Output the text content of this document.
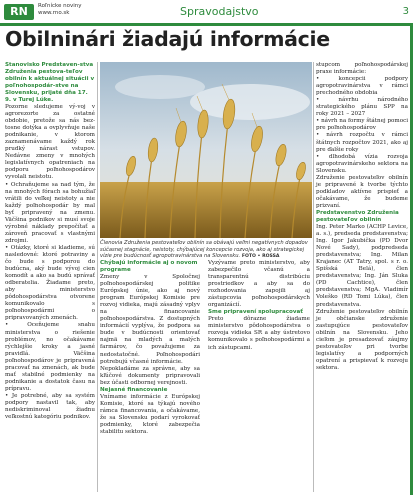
RN	Roľnícke noviny
www.rno.sk	Spravodajstvo	3
Obilninári žiadajú informácie

Stanovisko Predstaven-stva Združenia pestova-teľov obilnín k aktuálnej situácii v poľnohospodár-stve na Slovensku, prijaté dňa 17. 9. v Turej Lúke.

Pozorne sledujeme vý-voj v agrorezorte za ostatné obdobie, pretože sa nás bez-tosne dotýka a ovplyvňuje naše podnikanie, v ktorom zaznamenávame každý rok prudký nárast vstupov. Nedávne zmeny v mnohých legislatívnych opatreniach na podporu poľnohospodárov vyvolali neistotu.

• Ochraňujeme sa nad tým, že na mnohých fórach sa bohužiaľ vrátili do veľkej neistoty a nie každý poľnohospodár by mal byť pripravený na zmenu. Väčšina podnikov si musí svoje výrobné náklady prepočítať a zároveň pracovať s vlastnými zdrojmi.

• Otázky, ktoré si kladieme, sú nasledovné: ktoré potraviny a čo bude s podporou do budúcna, aký bude vývoj cien komodít a ako sa budú správať odberatelia. Žiadame preto, aby ministerstvo pôdohospodárstva otvorene komunikovalo s poľnohospodármi o pripravovaných zmenách.

• Oceňujeme snahu ministerstva o riešenie problémov, no očakávame rýchlejšie kroky a jasné pravidlá. Väčšina poľnohospodárov je pripravená pracovať na zmenách, ak bude mať stabilné podmienky na podnikanie a dostatok času na prípravu.

• Je potrebné, aby sa systém podpory nastavil tak, aby nediskriminoval žiadnu veľkostnú kategóriu podnikov.

Členovia Združenia pestovateľov obilnín sa obávajú veľmi negatívnych dopadov súčasnej stagnácie, neistoty, chýbajúcej koncepcie rozvoja, ako aj strategickej vízie pre budúcnosť agropotravinárstva na Slovensku. FOTO • ROSSA

Chýbajú informácie aj o novom programe

Zmeny v Spoločnej poľnohospodárskej politike Európskej únie, ako aj nový program Európskej Komisie pre rozvoj vidieka, majú zásadný vplyv na financovanie poľnohospodárstva. Z dostupných informácií vyplýva, že podpora sa bude v budúcnosti orientovať najmä na mladých a malých farmárov, čo považujeme za nedostatočné. Poľnohospodári potrebujú včasné informácie.

Nepokladáme za správne, aby sa kľúčové dokumenty pripravovali bez účasti odbornej verejnosti.

Nejasné financovanie

Vnímame informácie z Európskej Komisie, ktoré sa týkajú nového rámca financovania, a očakávame, že sa Slovensku podarí vyrokovať podmienky, ktoré zabezpečia stabilitu sektora.

Vyzývame preto ministerstvo, aby zabezpečilo včasnú a transparentnú distribúciu prostriedkov a aby sa do rozhodovania zapojili aj zástupcovia poľnohospodárskych organizácií.

Sme pripravení spolupracovať

Preto dôrazne žiadame ministerstvo pôdohospodárstva o rozvoja vidieka SR a aby ústretovo komunikovalo s poľnohospodármi a ich zástupcami.

stupcom poľnohospodárskej praxe informácie:

• koncepcii podpory agropotravinárstva v rámci prechodného obdobia

• návrhu národného strategického plánu SPP na roky 2021 – 2027

• návrh na formy štátnej pomoci pre poľnohospodárov

• návrh rozpočtu v rámci štátnych rozpočtov 2021, ako aj pre ďalšie roky

• dlhodobá vízia rozvoja agropotravinárskeho sektora na Slovensku.

Združenie pestovateľov obilnín je pripravené k tvorbe týchto podkladov aktívne prispieť a očakávame, že budeme prizvaní.

Predstavenstvo Združenia pestovateľov obilnín

Ing. Peter Marko (ACHP Levice, a. s.), predseda predstavenstva; Ing. Igor Jakubička (PD Dvor Nové Sady), podpredseda predstavenstva; Ing. Milan Krajanec (AT Tatry, spol. s r. o. Spišská Belá), člen predstavenstva; Ing. Ján Sluka (PD Cachtice), člen predstavenstva; MgA. Vladimír Voleško (RD Tomi Lúka), člen predstavenstva.

Združenie pestovateľov obilnín je občianske združenie zastupujúce pestovateľov obilnín na Slovensku. Jeho cieľom je presadzovať záujmy pestovateľov pri tvorbe legislatívy a podporných opatrení a prispievať k rozvoju sektora.
